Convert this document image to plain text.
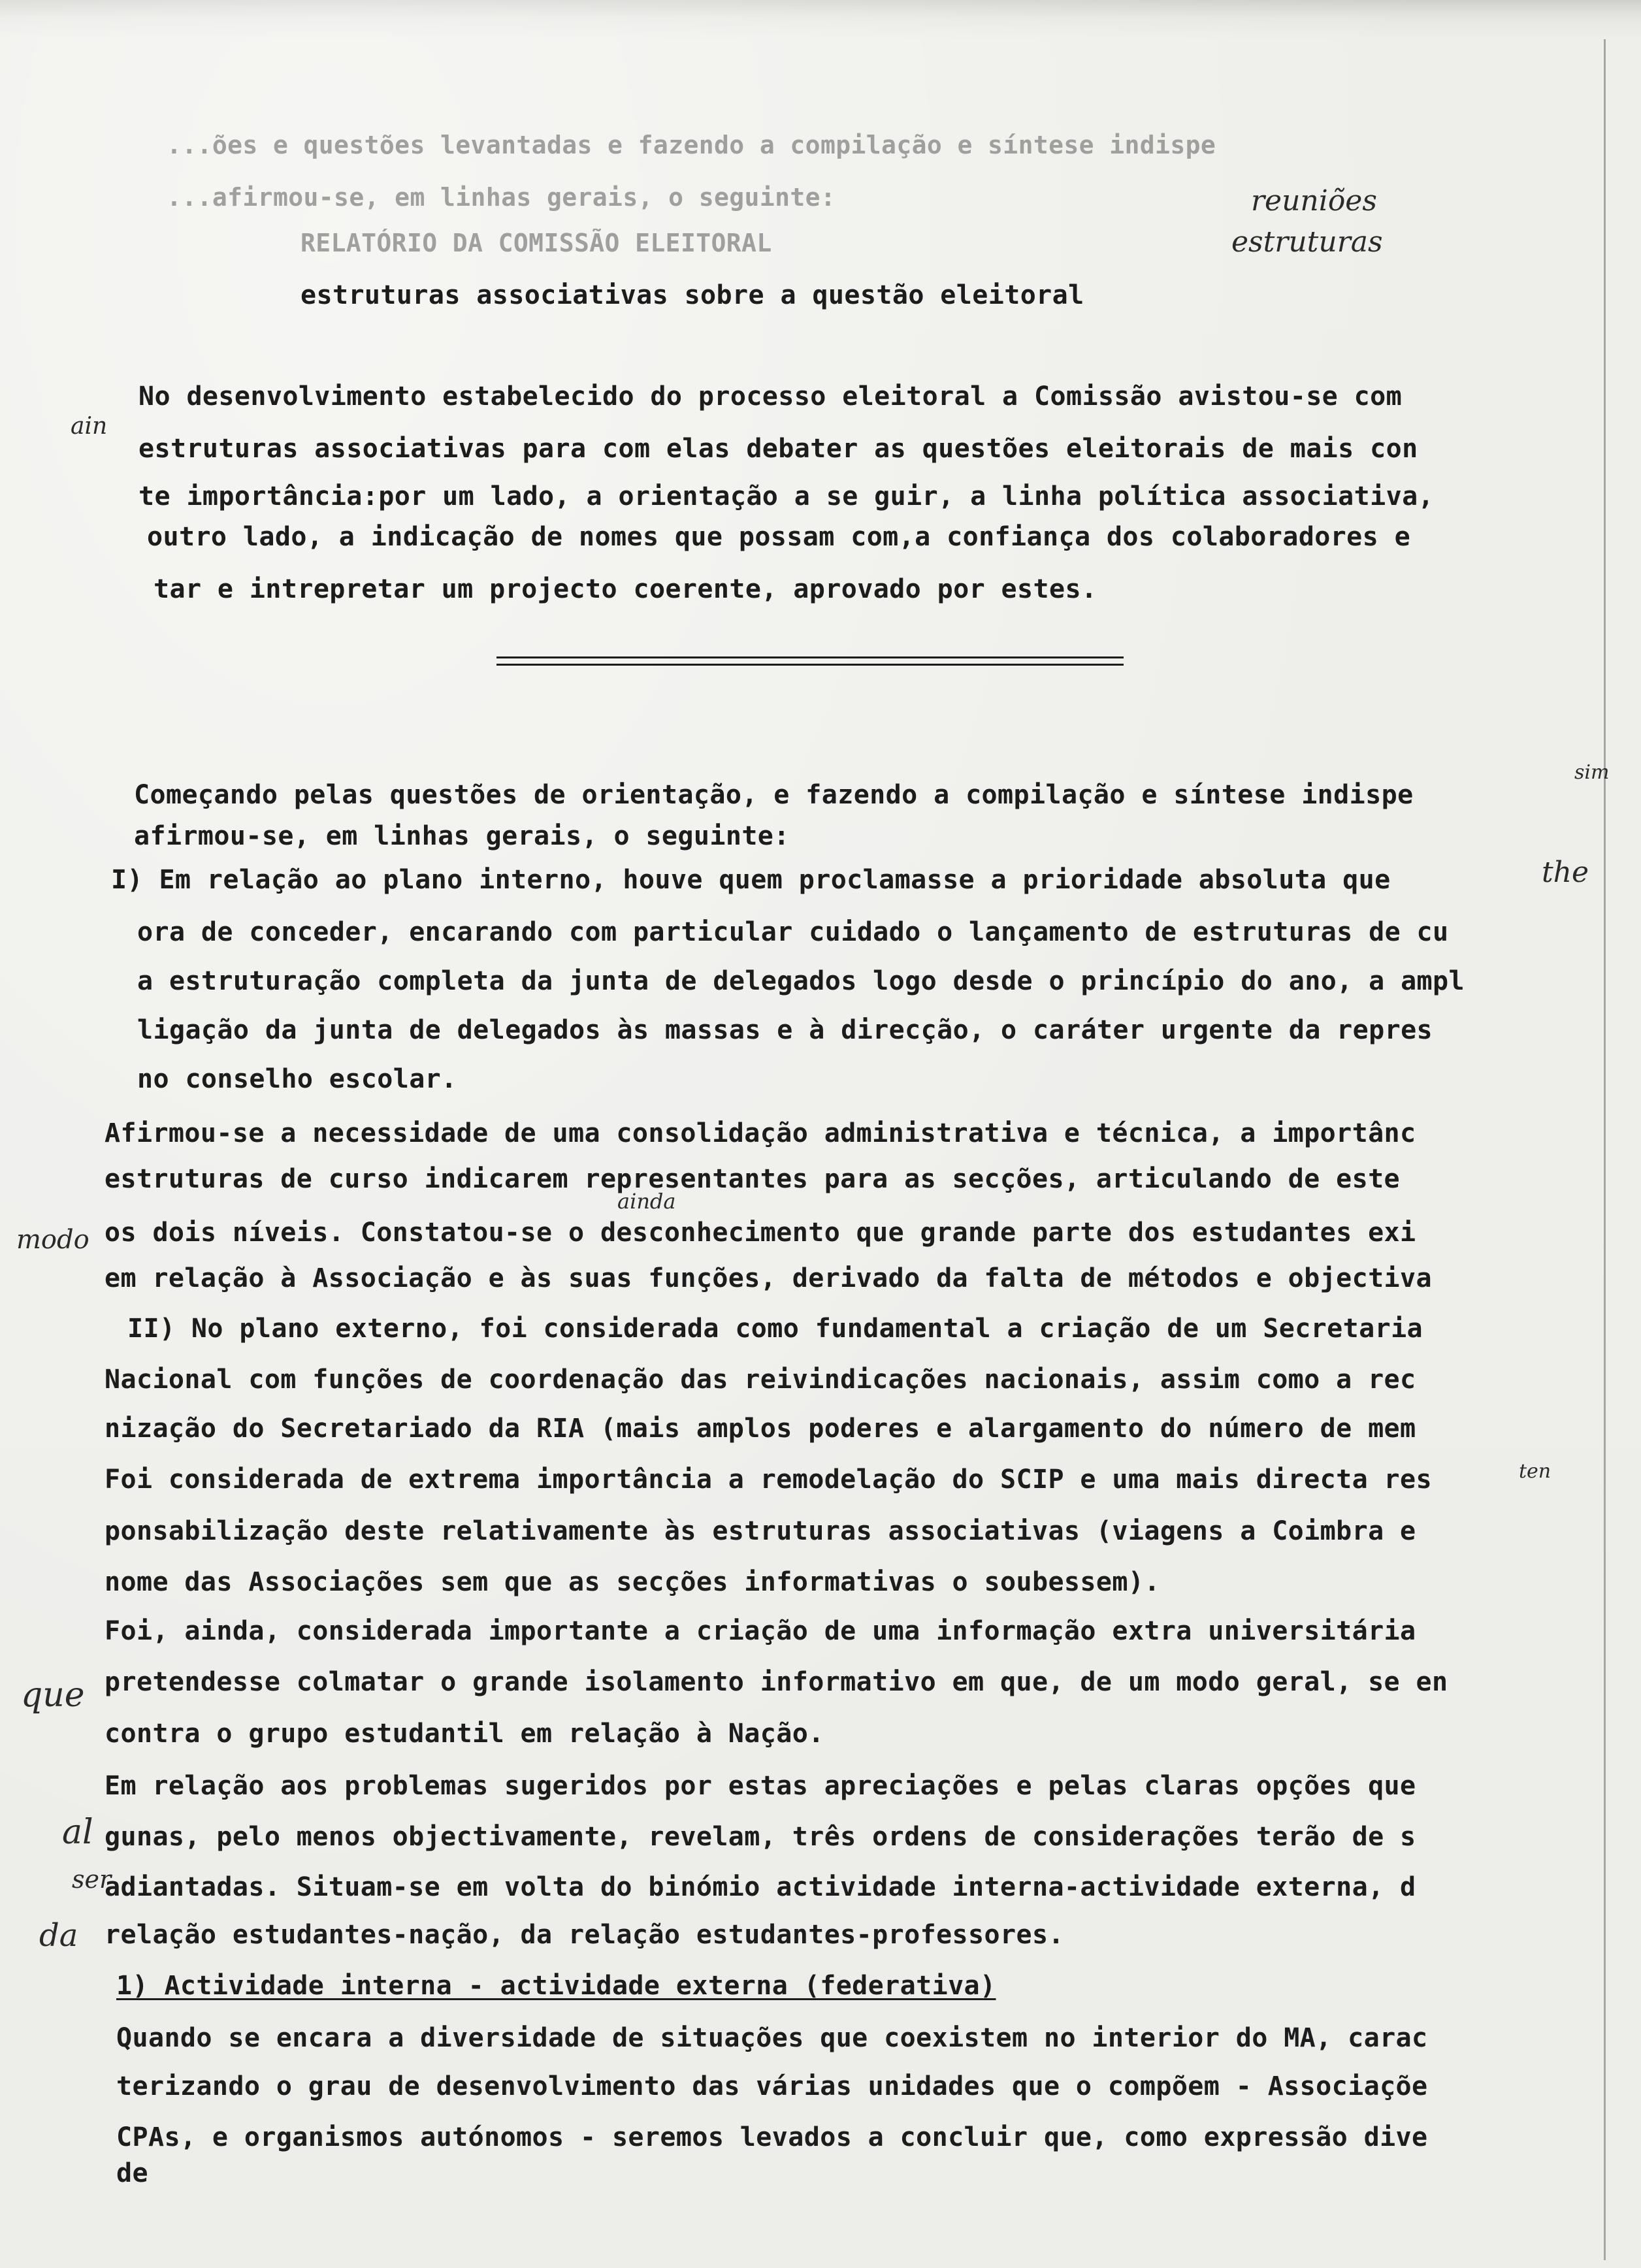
...ões e questões levantadas e fazendo a compilação e síntese indispe
...afirmou-se, em linhas gerais, o seguinte:
RELATÓRIO DA COMISSÃO ELEITORAL
estruturas associativas sobre a questão eleitoral
No desenvolvimento estabelecido do processo eleitoral a Comissão avistou-se com
estruturas associativas para com elas debater as questões eleitorais de mais con
te importância:por um lado, a orientação a se guir, a linha política associativa,
outro lado, a indicação de nomes que possam com,a confiança dos colaboradores e
tar e intrepretar um projecto coerente, aprovado por estes.
Começando pelas questões de orientação, e fazendo a compilação e síntese indispe
afirmou-se, em linhas gerais, o seguinte:
I) Em relação ao plano interno, houve quem proclamasse a prioridade absoluta que
ora de conceder, encarando com particular cuidado o lançamento de estruturas de cu
a estruturação completa da junta de delegados logo desde o princípio do ano, a ampl
ligação da junta de delegados às massas e à direcção, o caráter urgente da repres
no conselho escolar.
Afirmou-se a necessidade de uma consolidação administrativa e técnica, a importânc
estruturas de curso indicarem representantes para as secções, articulando de este
os dois níveis. Constatou-se o desconhecimento que grande parte dos estudantes exi
em relação à Associação e às suas funções, derivado da falta de métodos e objectiva
II) No plano externo, foi considerada como fundamental a criação de um Secretaria
Nacional com funções de coordenação das reivindicações nacionais, assim como a rec
nização do Secretariado da RIA (mais amplos poderes e alargamento do número de mem
Foi considerada de extrema importância a remodelação do SCIP e uma mais directa res
ponsabilização deste relativamente às estruturas associativas (viagens a Coimbra e
nome das Associações sem que as secções informativas o soubessem).
Foi, ainda, considerada importante a criação de uma informação extra universitária
pretendesse colmatar o grande isolamento informativo em que, de um modo geral, se en
contra o grupo estudantil em relação à Nação.
Em relação aos problemas sugeridos por estas apreciações e pelas claras opções que
gunas, pelo menos objectivamente, revelam, três ordens de considerações terão de s
adiantadas. Situam-se em volta do binómio actividade interna-actividade externa, d
relação estudantes-nação, da relação estudantes-professores.
1) Actividade interna - actividade externa (federativa)
Quando se encara a diversidade de situações que coexistem no interior do MA, carac
terizando o grau de desenvolvimento das várias unidades que o compõem - Associaçõe
CPAs, e organismos autónomos - seremos levados a concluir que, como expressão dive
de
reuniões
estruturas
ain
ainda
modo
que
al
ser
da
sim
the
ten
